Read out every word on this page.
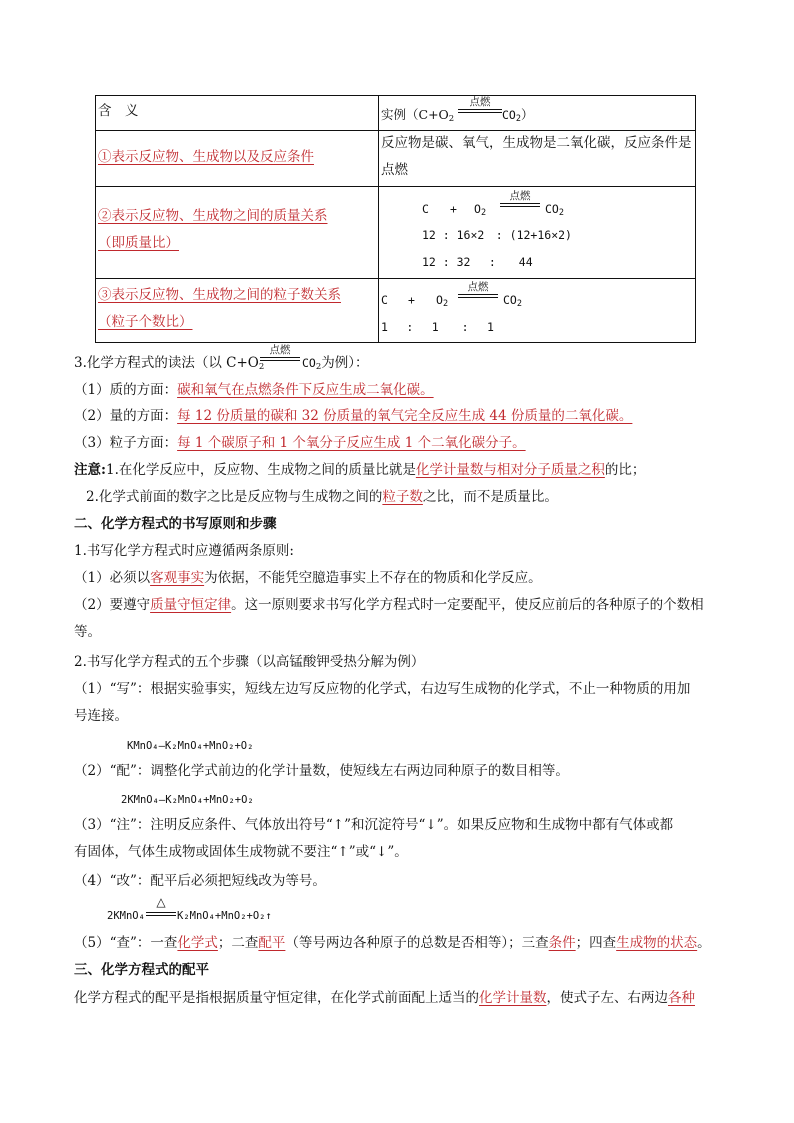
含　义	实例（$C+O_2$
点燃
$CO_2$）
①表示反应物、生成物以及反应条件
反应物是碳、氧气，生成物是二氧化碳，反应条件是
点燃
②表示反应物、生成物之间的质量关系
（即质量比）
$C + O_2$
点燃
$CO_2$
12 : 16×2　: (12+16×2)
12 : 32　 :　　44
③表示反应物、生成物之间的粒子数关系
（粒子个数比）
$C + O_2$
点燃
$CO_2$
1　 :　 1　　:　 1
3.化学方程式的读法（以 $C+O_2$
点燃
$CO_2$为例）：
（1）质的方面：碳和氧气在点燃条件下反应生成二氧化碳。
（2）量的方面：每 12 份质量的碳和 32 份质量的氧气完全反应生成 44 份质量的二氧化碳。
（3）粒子方面：每 1 个碳原子和 1 个氧分子反应生成 1 个二氧化碳分子。
注意:1.在化学反应中，反应物、生成物之间的质量比就是化学计量数与相对分子质量之积的比；
2.化学式前面的数字之比是反应物与生成物之间的粒子数之比，而不是质量比。
二、化学方程式的书写原则和步骤
1.书写化学方程式时应遵循两条原则:
（1）必须以客观事实为依据，不能凭空臆造事实上不存在的物质和化学反应。
（2）要遵守质量守恒定律。这一原则要求书写化学方程式时一定要配平，使反应前后的各种原子的个数相
等。
2.书写化学方程式的五个步骤（以高锰酸钾受热分解为例）
（1）“写”：根据实验事实，短线左边写反应物的化学式，右边写生成物的化学式，不止一种物质的用加
号连接。
KMnO₄—K₂MnO₄+MnO₂+O₂
（2）“配”：调整化学式前边的化学计量数，使短线左右两边同种原子的数目相等。
2KMnO₄—K₂MnO₄+MnO₂+O₂
（3）“注”：注明反应条件、气体放出符号“↑”和沉淀符号“↓”。如果反应物和生成物中都有气体或都
有固体，气体生成物或固体生成物就不要注“↑”或“↓”。
（4）“改”：配平后必须把短线改为等号。
2KMnO₄
△
K₂MnO₄+MnO₂+O₂↑
（5）“查”：一查化学式；二查配平（等号两边各种原子的总数是否相等）；三查条件；四查生成物的状态。
三、化学方程式的配平
化学方程式的配平是指根据质量守恒定律，在化学式前面配上适当的化学计量数，使式子左、右两边各种
